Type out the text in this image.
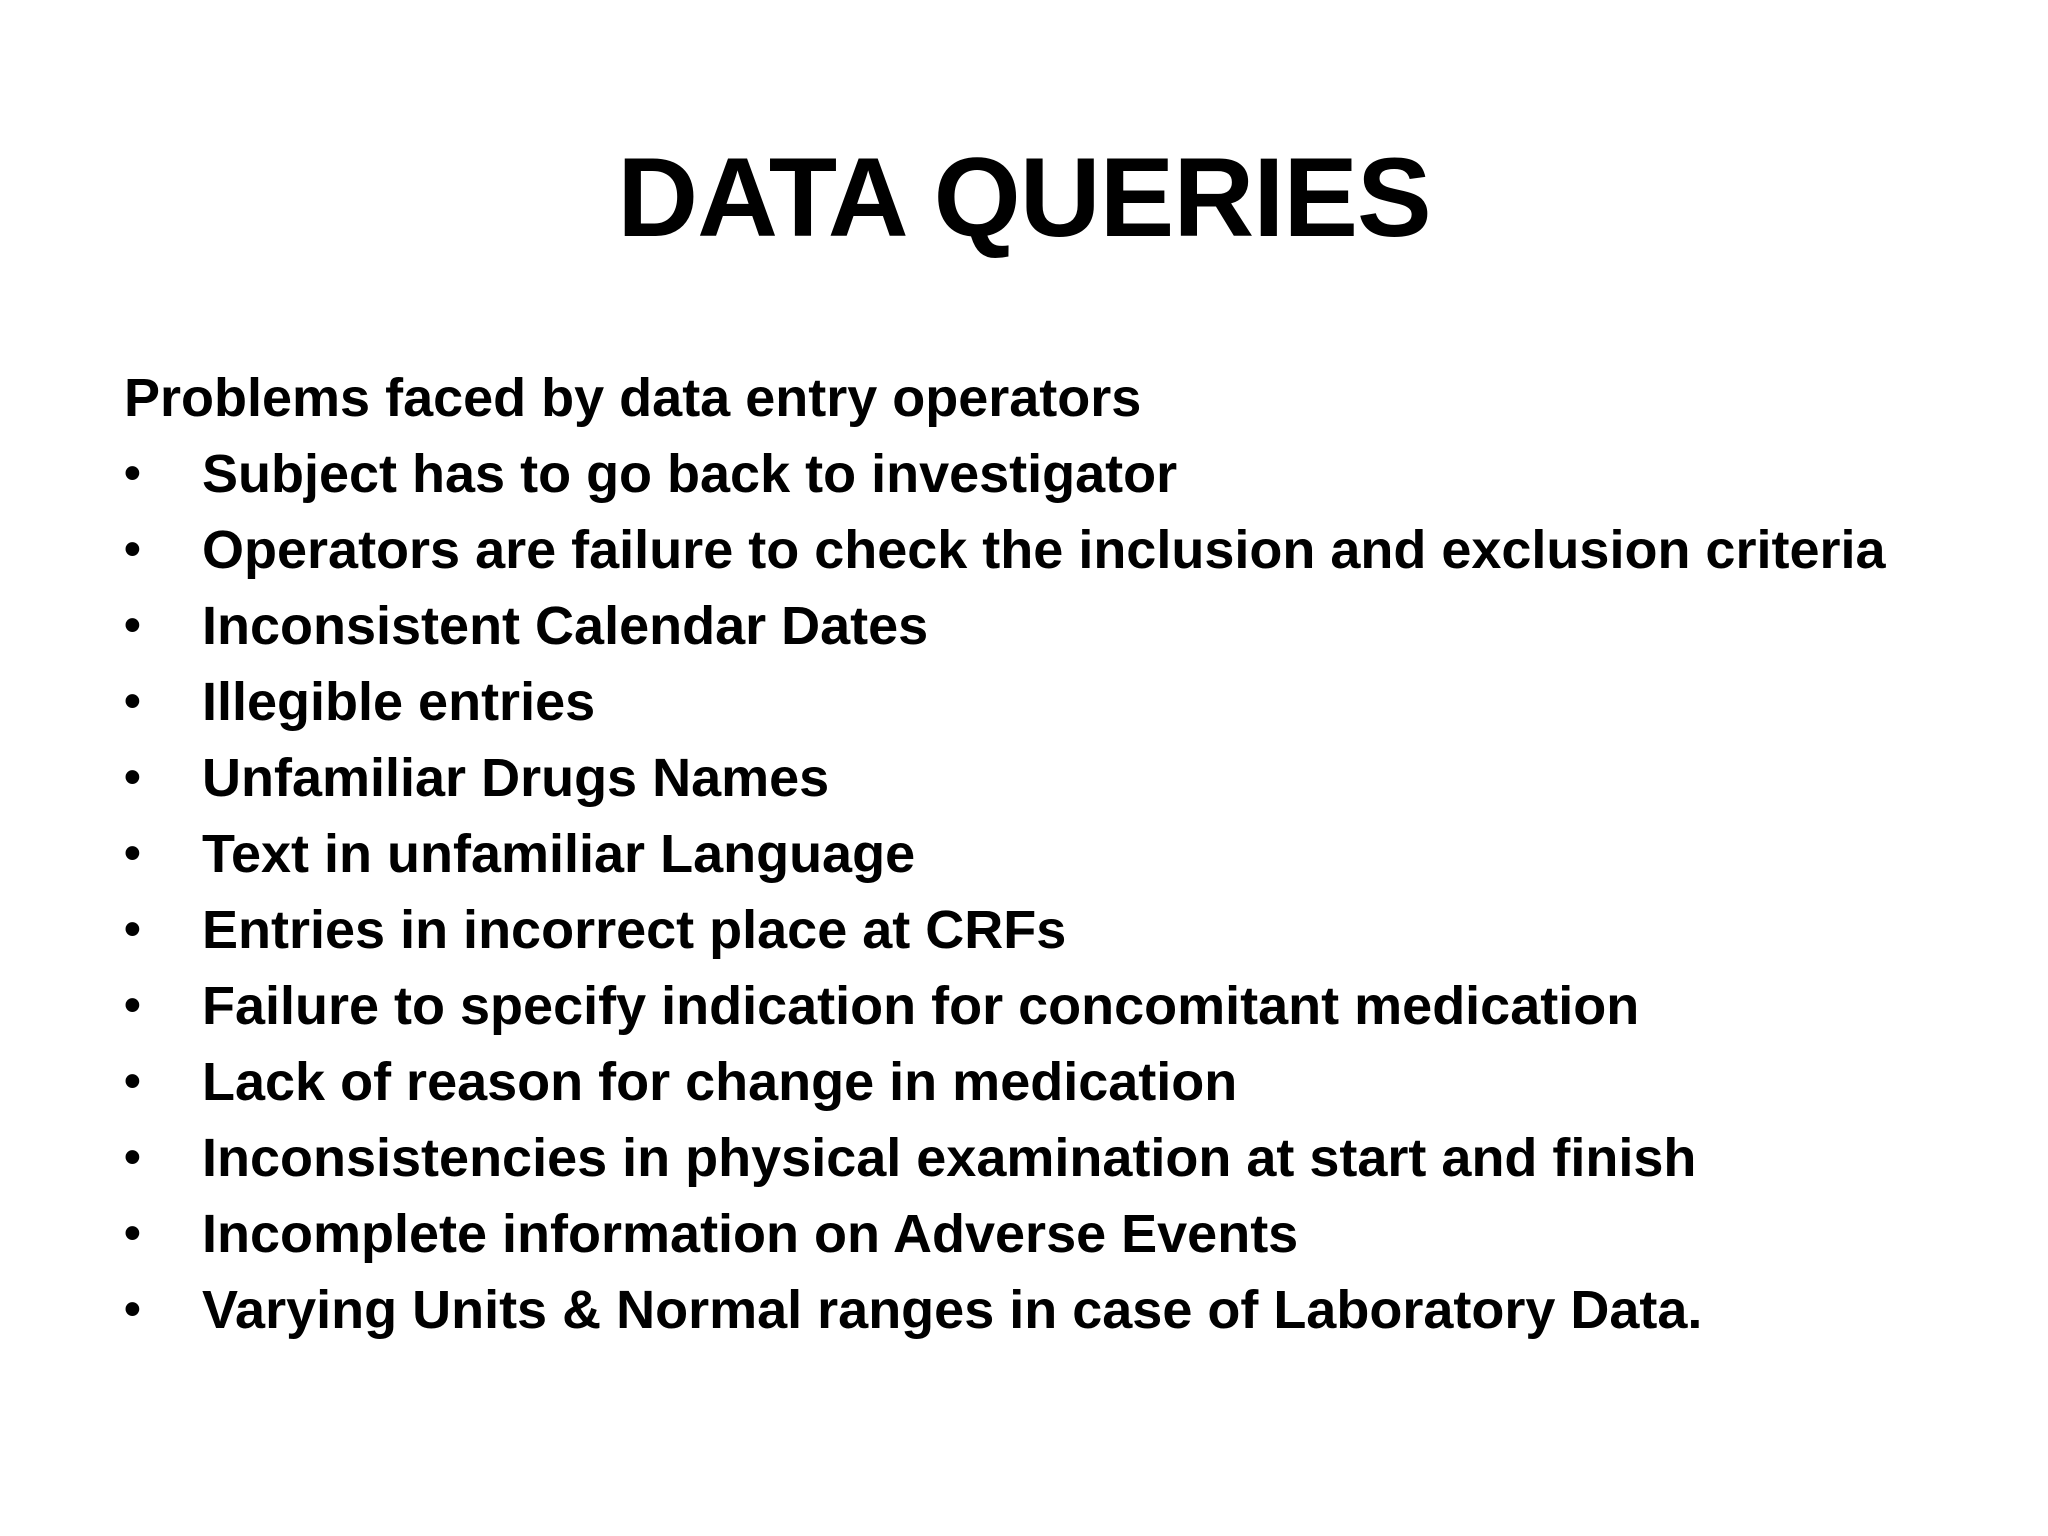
DATA QUERIES

Problems faced by data entry operators

•	Subject has to go back to investigator
•	Operators are failure to check the inclusion and exclusion criteria
•	Inconsistent Calendar Dates
•	Illegible entries
•	Unfamiliar Drugs Names
•	Text in unfamiliar Language
•	Entries in incorrect place at CRFs
•	Failure to specify indication for concomitant medication
•	Lack of reason for change in medication
•	Inconsistencies in physical examination at start and finish
•	Incomplete information on Adverse Events
•	Varying Units & Normal ranges in case of Laboratory Data.
